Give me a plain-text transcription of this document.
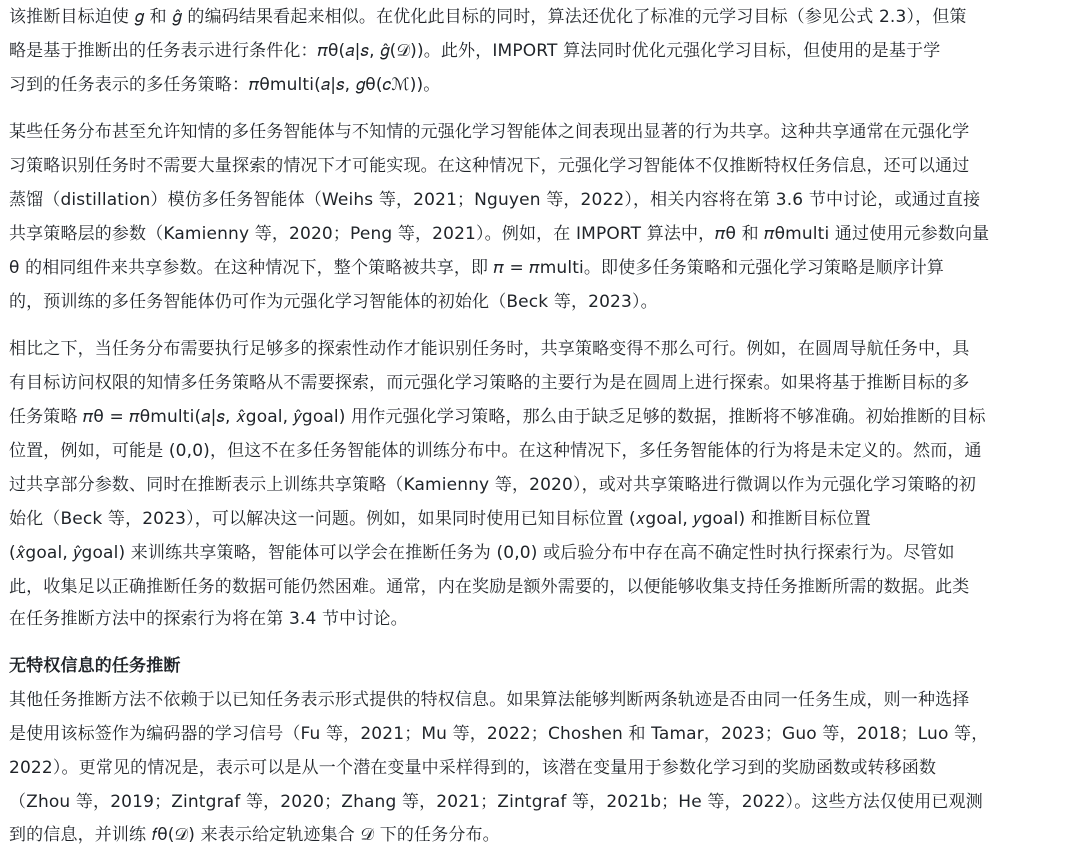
该推断目标迫使 𝑔 和 𝑔̂ 的编码结果看起来相似。在优化此目标的同时，算法还优化了标准的元学习目标（参见公式 2.3），但策
略是基于推断出的任务表示进行条件化：𝜋θ(𝑎|𝑠, 𝑔̂(𝒟))。此外，IMPORT 算法同时优化元强化学习目标，但使用的是基于学
习到的任务表示的多任务策略：𝜋θmulti(𝑎|𝑠, 𝑔θ(𝑐ℳ))。
某些任务分布甚至允许知情的多任务智能体与不知情的元强化学习智能体之间表现出显著的行为共享。这种共享通常在元强化学
习策略识别任务时不需要大量探索的情况下才可能实现。在这种情况下，元强化学习智能体不仅推断特权任务信息，还可以通过
蒸馏（distillation）模仿多任务智能体（Weihs 等，2021；Nguyen 等，2022），相关内容将在第 3.6 节中讨论，或通过直接
共享策略层的参数（Kamienny 等，2020；Peng 等，2021）。例如，在 IMPORT 算法中，𝜋θ 和 𝜋θmulti 通过使用元参数向量
θ 的相同组件来共享参数。在这种情况下，整个策略被共享，即 𝜋 = 𝜋multi。即使多任务策略和元强化学习策略是顺序计算
的，预训练的多任务智能体仍可作为元强化学习智能体的初始化（Beck 等，2023）。
相比之下，当任务分布需要执行足够多的探索性动作才能识别任务时，共享策略变得不那么可行。例如，在圆周导航任务中，具
有目标访问权限的知情多任务策略从不需要探索，而元强化学习策略的主要行为是在圆周上进行探索。如果将基于推断目标的多
任务策略 𝜋θ = 𝜋θmulti(𝑎|𝑠, 𝑥̂goal, 𝑦̂goal) 用作元强化学习策略，那么由于缺乏足够的数据，推断将不够准确。初始推断的目标
位置，例如，可能是 (0,0)，但这不在多任务智能体的训练分布中。在这种情况下，多任务智能体的行为将是未定义的。然而，通
过共享部分参数、同时在推断表示上训练共享策略（Kamienny 等，2020），或对共享策略进行微调以作为元强化学习策略的初
始化（Beck 等，2023），可以解决这一问题。例如，如果同时使用已知目标位置 (𝑥goal, 𝑦goal) 和推断目标位置
(𝑥̂goal, 𝑦̂goal) 来训练共享策略，智能体可以学会在推断任务为 (0,0) 或后验分布中存在高不确定性时执行探索行为。尽管如
此，收集足以正确推断任务的数据可能仍然困难。通常，内在奖励是额外需要的，以便能够收集支持任务推断所需的数据。此类
在任务推断方法中的探索行为将在第 3.4 节中讨论。
无特权信息的任务推断
其他任务推断方法不依赖于以已知任务表示形式提供的特权信息。如果算法能够判断两条轨迹是否由同一任务生成，则一种选择
是使用该标签作为编码器的学习信号（Fu 等，2021；Mu 等，2022；Choshen 和 Tamar，2023；Guo 等，2018；Luo 等，
2022）。更常见的情况是，表示可以是从一个潜在变量中采样得到的，该潜在变量用于参数化学习到的奖励函数或转移函数
（Zhou 等，2019；Zintgraf 等，2020；Zhang 等，2021；Zintgraf 等，2021b；He 等，2022）。这些方法仅使用已观测
到的信息，并训练 𝑓θ(𝒟) 来表示给定轨迹集合 𝒟 下的任务分布。
